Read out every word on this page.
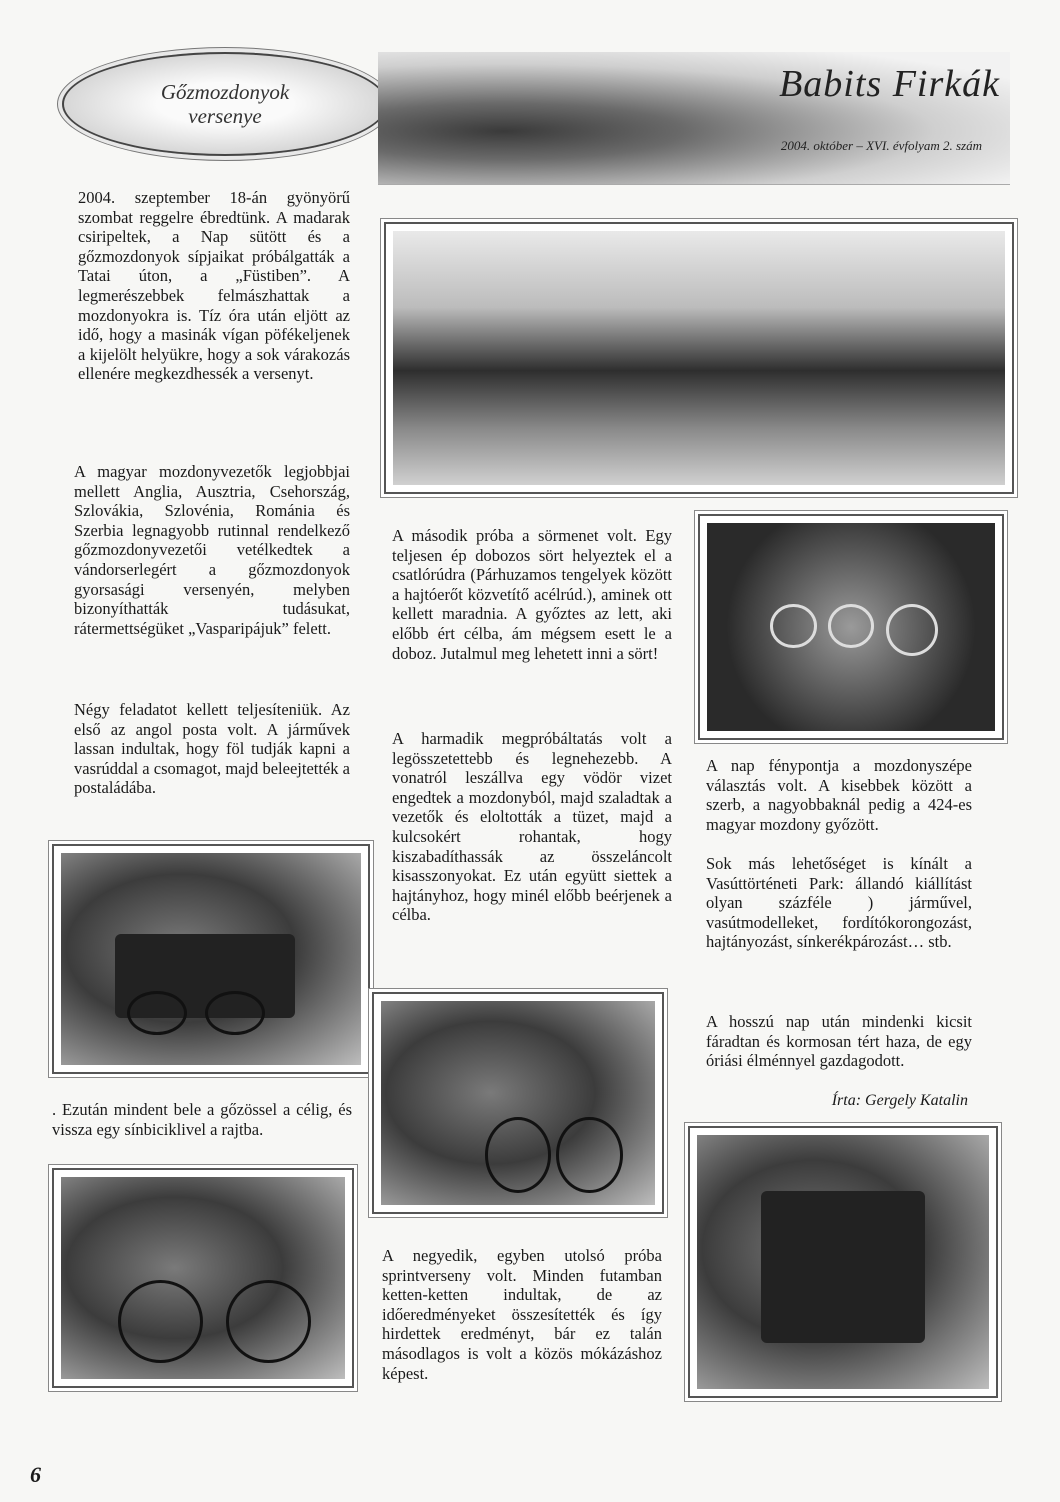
Gőzmozdonyok
versenye
Babits Firkák
2004. október – XVI. évfolyam 2. szám
2004. szeptember 18-án gyönyörű szombat reggelre ébredtünk. A madarak csiripeltek, a Nap sütött és a gőzmozdonyok sípjaikat próbálgatták a Tatai úton, a „Füstiben”. A legmerészebbek felmászhattak a mozdonyokra is. Tíz óra után eljött az idő, hogy a masinák vígan pöfékeljenek a kijelölt helyükre, hogy a sok várakozás ellenére megkezdhessék a versenyt.
A magyar mozdonyvezetők legjobbjai mellett Anglia, Ausztria, Csehország, Szlovákia, Szlovénia, Románia és Szerbia legnagyobb rutinnal rendelkező gőzmozdonyvezetői vetélkedtek a vándorserlegért a gőzmozdonyok gyorsasági versenyén, melyben bizonyíthatták tudásukat, rátermettségüket „Vasparipájuk” felett.
Négy feladatot kellett teljesíteniük. Az első az angol posta volt. A járművek lassan indultak, hogy föl tudják kapni a vasrúddal a csomagot, majd beleejtették a postaládába.
. Ezután mindent bele a gőzössel a célig, és vissza egy sínbiciklivel a rajtba.
A második próba a sörmenet volt. Egy teljesen ép dobozos sört helyeztek el a csatlórúdra (Párhuzamos tengelyek között a hajtóerőt közvetítő acélrúd.), aminek ott kellett maradnia. A győztes az lett, aki előbb ért célba, ám mégsem esett le a doboz. Jutalmul meg lehetett inni a sört!
A harmadik megpróbáltatás volt a legösszetettebb és legnehezebb. A vonatról leszállva egy vödör vizet engedtek a mozdonyból, majd szaladtak a vezetők és eloltották a tüzet, majd a kulcsokért rohantak, hogy kiszabadíthassák az összeláncolt kisasszonyokat. Ez után együtt siettek a hajtányhoz, hogy minél előbb beérjenek a célba.
A negyedik, egyben utolsó próba sprintverseny volt. Minden futamban ketten-ketten indultak, de az időeredményeket összesítették és így hirdettek eredményt, bár ez talán másodlagos is volt a közös mókázáshoz képest.
A nap fénypontja a mozdonyszépe választás volt. A kisebbek között a szerb, a nagyobbaknál pedig a 424-es magyar mozdony győzött.
Sok más lehetőséget is kínált a Vasúttörténeti Park: állandó kiállítást olyan százféle ) járművel, vasútmodelleket, fordítókorongozást, hajtányozást, sínkerékpározást… stb.
A hosszú nap után mindenki kicsit fáradtan és kormosan tért haza, de egy óriási élménnyel gazdagodott.
Írta: Gergely Katalin
6
